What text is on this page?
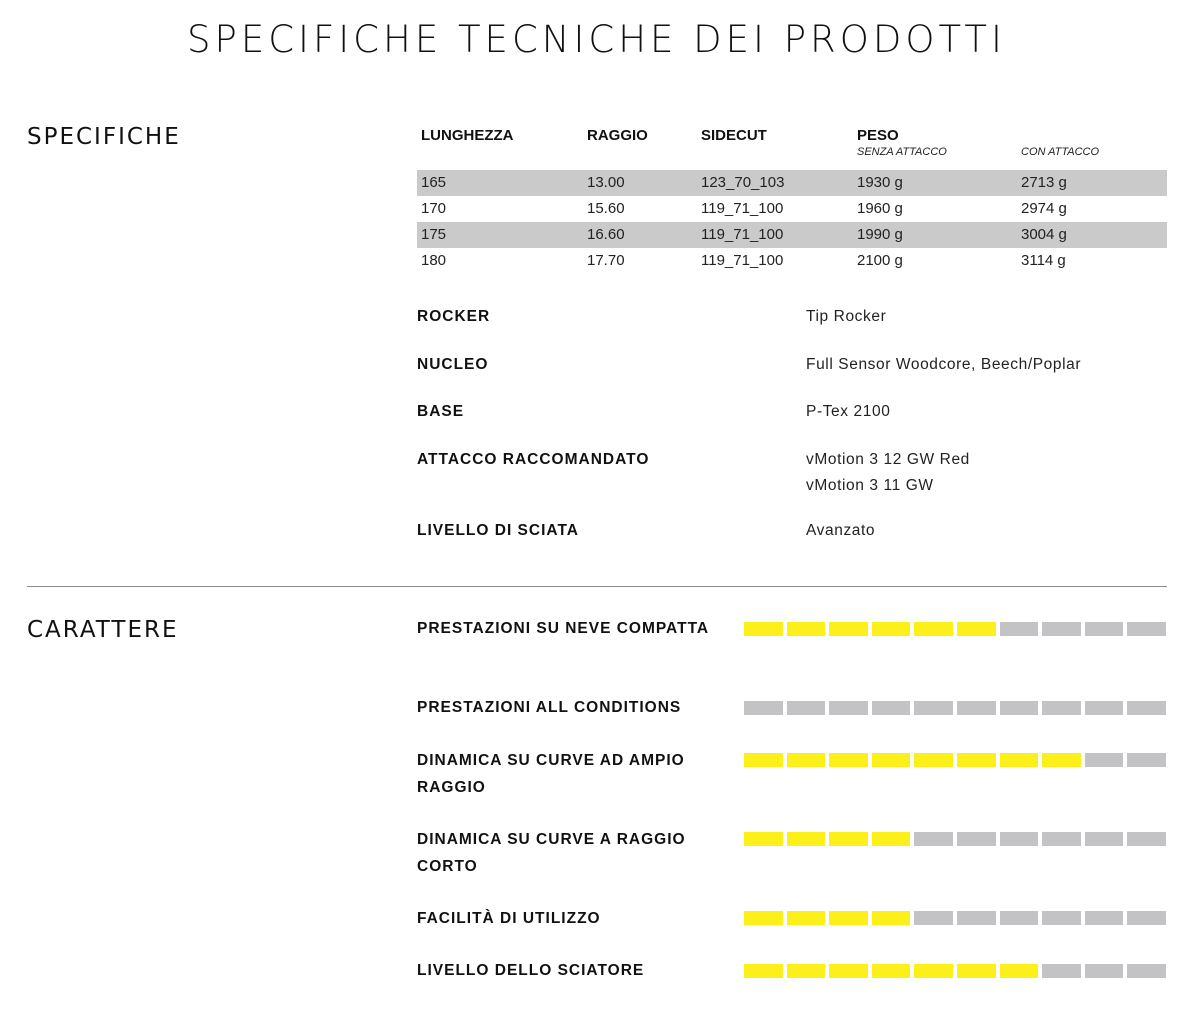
SPECIFICHE TECNICHE DEI PRODOTTI
SPECIFICHE	LUNGHEZZA	RAGGIO	SIDECUT	PESO
SENZA ATTACCO	CON ATTACCO
165	13.00	123_70_103	1930 g	2713 g
170	15.60	119_71_100	1960 g	2974 g
175	16.60	119_71_100	1990 g	3004 g
180	17.70	119_71_100	2100 g	3114 g
ROCKER	Tip Rocker
NUCLEO	Full Sensor Woodcore, Beech/Poplar
BASE	P-Tex 2100
ATTACCO RACCOMANDATO	vMotion 3 12 GW Red
vMotion 3 11 GW
LIVELLO DI SCIATA	Avanzato
CARATTERE	PRESTAZIONI SU NEVE COMPATTA
PRESTAZIONI ALL CONDITIONS
DINAMICA SU CURVE AD AMPIO RAGGIO
DINAMICA SU CURVE A RAGGIO CORTO
FACILITÀ DI UTILIZZO
LIVELLO DELLO SCIATORE
